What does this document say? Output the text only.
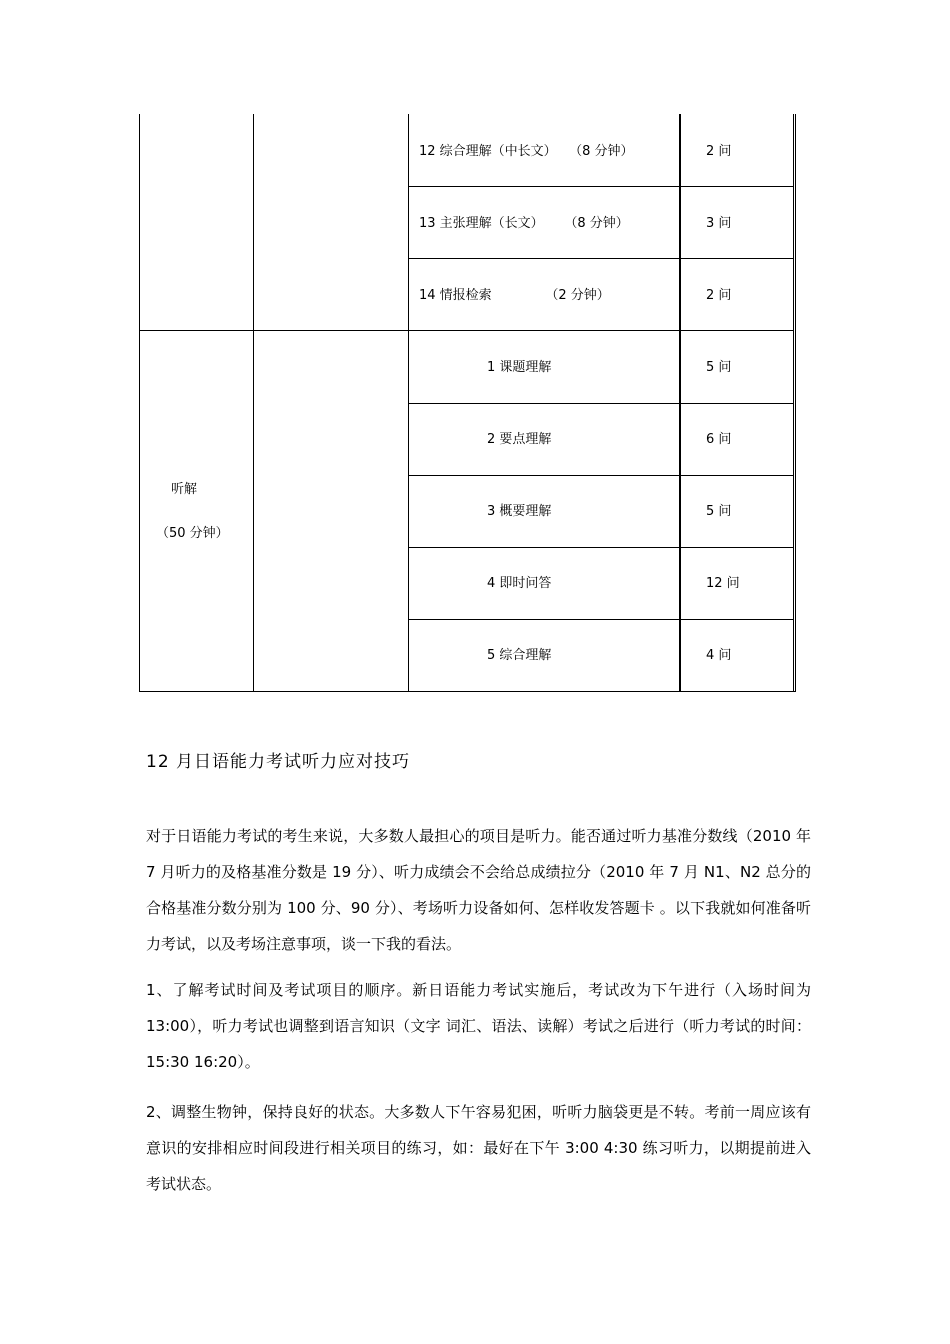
12 综合理解（中长文）   （8 分钟）	2 问
13 主张理解（长文）     （8 分钟）	3 问
14 情报检索             （2 分钟）	2 问
听解
（50 分钟）
1 课题理解	5 问
2 要点理解	6 问
3 概要理解	5 问
4 即时问答	12 问
5 综合理解	4 问
12 月日语能力考试听力应对技巧

对于日语能力考试的考生来说，大多数人最担心的项目是听力。能否通过听力基准分数线（2010 年 7 月听力的及格基准分数是 19 分）、听力成绩会不会给总成绩拉分（2010 年 7 月 N1、N2 总分的合格基准分数分别为 100 分、90 分）、考场听力设备如何、怎样收发答题卡 。以下我就如何准备听力考试，以及考场注意事项，谈一下我的看法。

1、了解考试时间及考试项目的顺序。新日语能力考试实施后，考试改为下午进行（入场时间为 13:00），听力考试也调整到语言知识（文字 词汇、语法、读解）考试之后进行（听力考试的时间：15:30 16:20）。

2、调整生物钟，保持良好的状态。大多数人下午容易犯困，听听力脑袋更是不转。考前一周应该有意识的安排相应时间段进行相关项目的练习，如：最好在下午 3:00 4:30 练习听力，以期提前进入考试状态。
